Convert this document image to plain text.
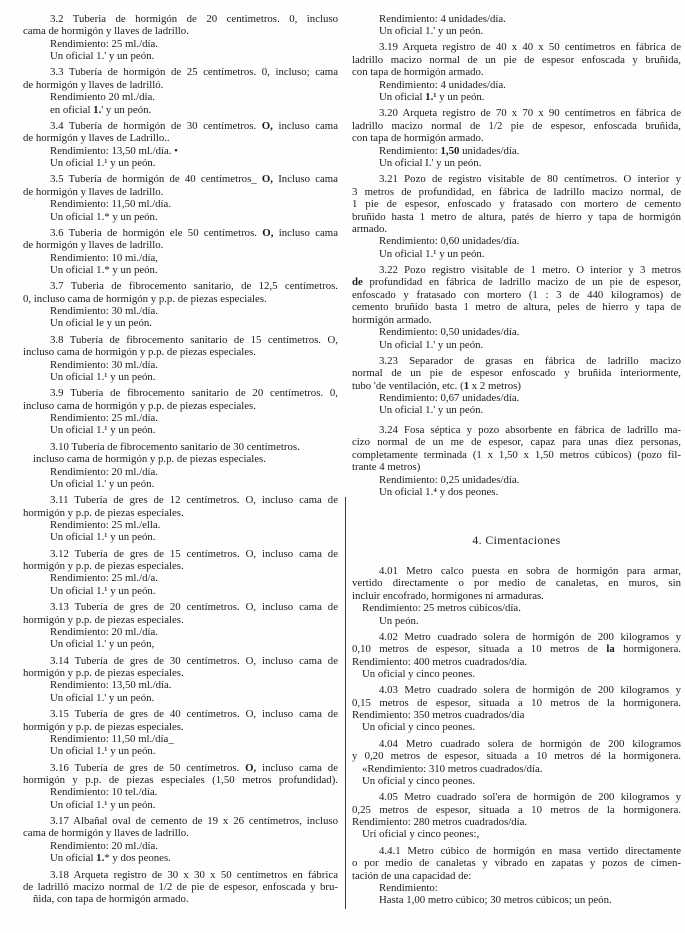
3.2 Tuberia de hormigón de 20 centimetros. 0, incluso
cama de hormigón y llaves de ladrillo.
Rendimiento: 25 ml./día.
Un oficial 1.' y un peón.
3.3 Tubería de hormigón de 25 centímetros. 0, incluso; cama
de hormigón y llaves de ladrilló.
Rendimiento 20 ml./día.
en oficial 1.' y un peón.
3.4 Tubería de hormigón de 30 centímetros. O, incluso cama
de hormigón y llaves de Ladrillo..
Rendimiento: 13,50 ml./día. •
Un oficial 1.¹ y un peón.
3.5 Tubería de hormigón de 40 centímetros_ O, Incluso cama
de hormigón y llaves de ladrillo.
Rendimiento: 11,50 ml./día.
Un oficial 1.* y un peón.
3.6 Tuberia de hormigón ele 50 centímetros. O, incluso cama
de hormigón y llaves de ladrillo.
Rendimiento: 10 mi./día,
Un oficial 1.* y un peón.
3.7 Tuberia de fibrocemento sanitario, de 12,5 centímetros.
0, incluso cama de hormigón y p.p. de piezas especiales.
Rendimiento: 30 ml./día.
Un oficial le y un peón.
3.8 Tubería de fibrocemento sanitario de 15 centímetros. O,
incluso cama de hormigón y p.p. de piezas especiales.
Rendimiento: 30 ml./día.
Un oficial 1.¹ y un peón.
3.9 Tubería de fibrocemento sanitario de 20 centímetros. 0,
incluso cama de hormigón y p.p. de piezas especiales.
Rendimiento: 25 ml./día.
Un oficial 1.¹ y un peón.
3.10 Tubería de fibrocemento sanitario de 30 centímetros.
incluso cama de hormigón y p.p. de piezas especiales.
Rendimiento: 20 ml./día.
Un oficial 1.' y un peón.
3.11 Tubería de gres de 12 centímetros. O, incluso cama de
hormigón y p.p. de piezas especiales.
Rendimiento: 25 ml./ella.
Un oficial 1.¹ y un peón.
3.12 Tubería de gres de 15 centímetros. O, incluso cama de
hormigón y p.p. de piezas especiales.
Rendimiento: 25 ml./d/a.
Un oficial 1.¹ y un peón.
3.13 Tubería de gres de 20 centímetros. O, incluso cama de
hormigón y p.p. de piezas especiales.
Rendimiento: 20 ml./día.
Un oficial 1.' y un peón,
3.14 Tubería de gres de 30 centímetros. O, incluso cama de
hormigón y p.p. de piezas especiales.
Rendimiento: 13,50 ml./día.
Un oficial 1.' y un peón.
3.15 Tubería de gres de 40 centímetros. O, incluso cama de
hormigón y p.p. de piezas especiales.
Rendimiento: 11,50 ml./día_
Un oficial 1.¹ y un peón.
3.16 Tubería de gres de 50 centímetros. O, incluso cama de
hormigón y p.p. de piezas especiales (1,50 metros profundidad).
Rendimiento: 10 tel./día.
Un oficial 1.¹ y un peón.
3.17 Albañal oval de cemento de 19 x 26 centímetros, incluso
cama de hormigón y llaves de ladrillo.
Rendimiento: 20 ml./día.
Un oficial 1.* y dos peones.
3.18 Arqueta registro de 30 x 30 x 50 centímetros en fábrica
de ladrilló macizo normal de 1/2 de pie de espesor, enfoscada y bru-
ñida, con tapa de hormigón armado.
Rendimiento: 4 unidades/día.
Un oficial 1.' y un peón.
3.19 Arqueta registro de 40 x 40 x 50 centímetros en fábrica de
ladrillo macizo normal de un pie de espesor enfoscada y bruñida,
con tapa de hormigón armado.
Rendimiento: 4 unidades/día.
Un oficial 1.¹ y un peón.
3.20 Arqueta registro de 70 x 70 x 90 centímetros en fábrica de
ladrillo macizo normal de 1/2 pie de espesor, enfoscada bruñida,
con tapa de hormigón armado.
Rendimiento: 1,50 unidades/día.
Un oficial I.' y un peón.
3.21 Pozo de registro visitable de 80 centímetros. O interior y
3 metros de profundidad, en fábrica de ladrillo macizo normal, de
1 pie de espesor, enfoscado y fratasado con mortero de cemento
bruñido hasta 1 metro de altura, patés de hierro y tapa de hormigón
armado.
Rendimiento: 0,60 unidades/día.
Un oficial 1.¹ y un peón.
3.22 Pozo registro visitable de 1 metro. O interior y 3 metros
de profundidad en fábrica de ladrillo macizo de un pie de espesor,
enfoscado y fratasado con mortero (1 : 3 de 440 kilogramos) de
cemento bruñido basta 1 metro de altura, peles de hierro y tapa de
hormigón armado.
Rendimiento: 0,50 unidades/día.
Un oficial 1.' y un peón.
3.23 Separador de grasas en fábrica de ladrillo macizo
normal de un pie de espesor enfoscado y bruñida interiormente,
tubo 'de ventilación, etc. (1 x 2 metros)
Rendimiento: 0,67 unidades/día.
Un oficial 1.' y un peón.
3.24 Fosa séptica y pozo absorbente en fábrica de ladrillo ma-
cizo normal de un me de espesor, capaz para unas diez personas,
completamente terminada (1 x 1,50 x 1,50 metros cúbicos) (pozo fil-
trante 4 metros)
Rendimiento: 0,25 unidades/día.
Un oficial 1.⁴ y dos peones.
4. Cimentaciones
4.01 Metro calco puesta en sobra de hormigón para armar,
vertido directamente o por medio de canaletas, en muros, sin
incluir encofrado, hormigones ni armaduras.
Rendimiento: 25 metros cúbicos/día.
Un peón.
4.02 Metro cuadrado solera de hormigón de 200 kilogramos y
0,10 metros de espesor, situada a 10 metros de la hormigonera.
Rendimiento: 400 metros cuadrados/día.
Un oficial y cinco peones.
4.03 Metro cuadrado solera de hormigón de 200 kilogramos y
0,15 metros de espesor, situada a 10 metros de la hormigonera.
Rendimiento: 350 metros cuadrados/dia
Un oficial y cinco peones.
4.04 Metro cuadrado solera de hormigón de 200 kilogramos
y 0,20 metros de espesor, situada a 10 metros dé la hormigonera.
«Rendimiento: 310 metros cuadrados/día.
Un oficial y cinco peones.
4.05 Metro cuadrado sol'era de hormigón de 200 kilogramos y
0,25 metros de espesor, situada a 10 metros de la hormigonera.
Rendimiento: 280 metros cuadrados/día.
Urí oficial y cinco peones:,
4.4.1 Metro cúbico de hormigón en masa vertido directamente
o por medio de canaletas y vibrado en zapatas y pozos de cimen-
tación de una capacidad de:
Rendimiento:
Hasta 1,00 metro cúbico; 30 metros cúbicos; un peón.
